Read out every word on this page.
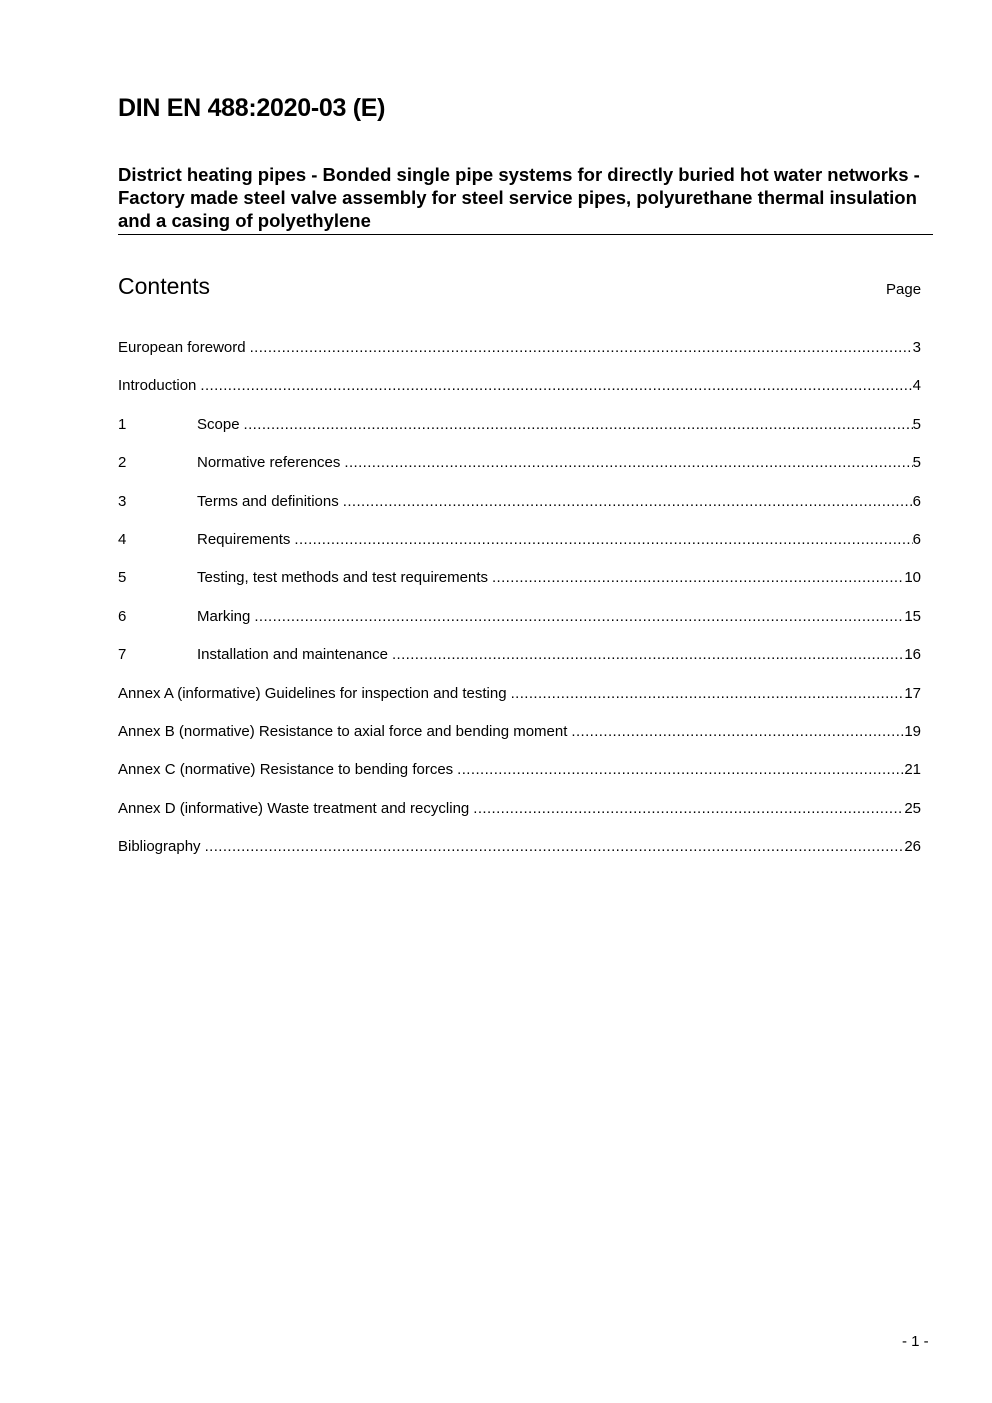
DIN EN 488:2020-03 (E)
District heating pipes - Bonded single pipe systems for directly buried hot water networks - Factory made steel valve assembly for steel service pipes, polyurethane thermal insulation and a casing of polyethylene
Contents	Page
European foreword .....	3
Introduction .....	4
1	Scope .....	5
2	Normative references .....	5
3	Terms and definitions .....	6
4	Requirements .....	6
5	Testing, test methods and test requirements .....	10
6	Marking .....	15
7	Installation and maintenance .....	16
Annex A (informative) Guidelines for inspection and testing .....	17
Annex B (normative) Resistance to axial force and bending moment .....	19
Annex C (normative) Resistance to bending forces .....	21
Annex D (informative) Waste treatment and recycling .....	25
Bibliography .....	26
- 1 -
